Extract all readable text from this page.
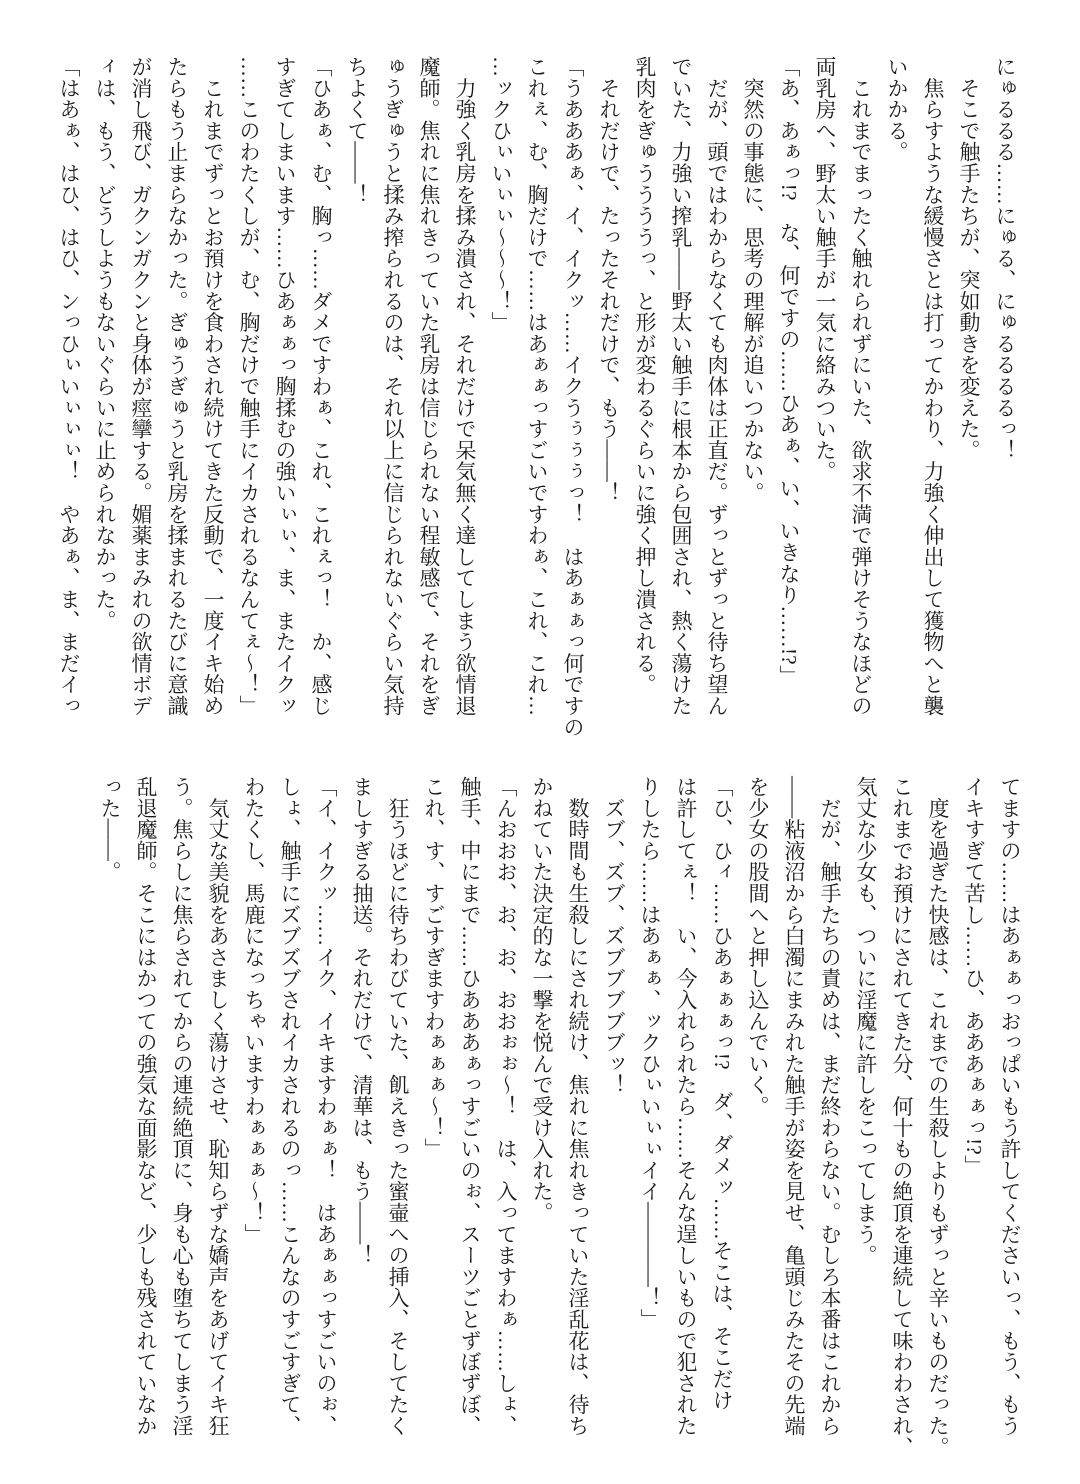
にゅるるる……にゅる、にゅるるるるっ！
　そこで触手たちが、突如動きを変えた。
　焦らすような緩慢さとは打ってかわり、力強く伸出して獲物へと襲
いかかる。
　これまでまったく触れられずにいた、欲求不満で弾けそうなほどの
両乳房へ、野太い触手が一気に絡みついた。
「あ、あぁっ!?　な、何ですの……ひあぁ、い、いきなり……!?」
　突然の事態に、思考の理解が追いつかない。
　だが、頭ではわからなくても肉体は正直だ。ずっとずっと待ち望ん
でいた、力強い搾乳——野太い触手に根本から包囲され、熱く蕩けた
乳肉をぎゅううううっ、と形が変わるぐらいに強く押し潰される。
　それだけで、たったそれだけで、もう——！
「うあああぁ、イ、イクッ……イクうぅぅぅっ！　はあぁぁっ何ですの
これぇ、む、胸だけで……はあぁぁっすごいですわぁ、これ、これ…
…ックひぃいぃぃ〜〜〜！」
　力強く乳房を揉み潰され、それだけで呆気無く達してしまう欲情退
魔師。焦れに焦れきっていた乳房は信じられない程敏感で、それをぎ
ゅうぎゅうと揉み搾られるのは、それ以上に信じられないぐらい気持
ちよくて——！
「ひあぁ、む、胸っ……ダメですわぁ、これ、これぇっ！　か、感じ
すぎてしまいます……ひあぁぁっ胸揉むの強いぃぃ、ま、またイクッ
……このわたくしが、む、胸だけで触手にイカされるなんてぇ〜！」
　これまでずっとお預けを食わされ続けてきた反動で、一度イキ始め
たらもう止まらなかった。ぎゅうぎゅうと乳房を揉まれるたびに意識
が消し飛び、ガクンガクンと身体が痙攣する。媚薬まみれの欲情ボデ
ィは、もう、どうしようもないぐらいに止められなかった。
「はあぁ、はひ、はひ、ンっひぃいぃぃぃ！　やあぁ、ま、まだイっ
てますの……はあぁぁっおっぱいもう許してくださいっ、もう、もう
イキすぎて苦し……ひ、あああぁぁっ!?」
　度を過ぎた快感は、これまでの生殺しよりもずっと辛いものだった。
これまでお預けにされてきた分、何十もの絶頂を連続して味わわされ、
気丈な少女も、ついに淫魔に許しをこってしまう。
　だが、触手たちの責めは、まだ終わらない。むしろ本番はこれから
——粘液沼から白濁にまみれた触手が姿を見せ、亀頭じみたその先端
を少女の股間へと押し込んでいく。
「ひ、ひィ……ひあぁぁぁっ!?　ダ、ダメッ……そこは、そこだけ
は許してぇ！　い、今入れられたら……そんな逞しいもので犯された
りしたら……はあぁぁ、ックひぃいぃぃイイ————！」
　ズブ、ズブ、ズブブブブブッ！
　数時間も生殺しにされ続け、焦れに焦れきっていた淫乱花は、待ち
かねていた決定的な一撃を悦んで受け入れた。
「んおおお、お、お、おおぉぉ〜！　は、入ってますわぁ……しょ、
触手、中にまで……ひあああぁっすごいのぉ、スーツごとずぼずぼ、
これ、す、すごすぎますわぁぁぁ〜！」
　狂うほどに待ちわびていた、飢えきった蜜壷への挿入、そしてたく
ましすぎる抽送。それだけで、清華は、もう——！
「イ、イクッ……イク、イキますわぁぁ！　はあぁぁっすごいのぉ、
しょ、触手にズブズブされイカされるのっ……こんなのすごすぎて、
わたくし、馬鹿になっちゃいますわぁぁぁ〜！」
　気丈な美貌をあさましく蕩けさせ、恥知らずな嬌声をあげてイキ狂
う。焦らしに焦らされてからの連続絶頂に、身も心も堕ちてしまう淫
乱退魔師。そこにはかつての強気な面影など、少しも残されていなか
った——。
